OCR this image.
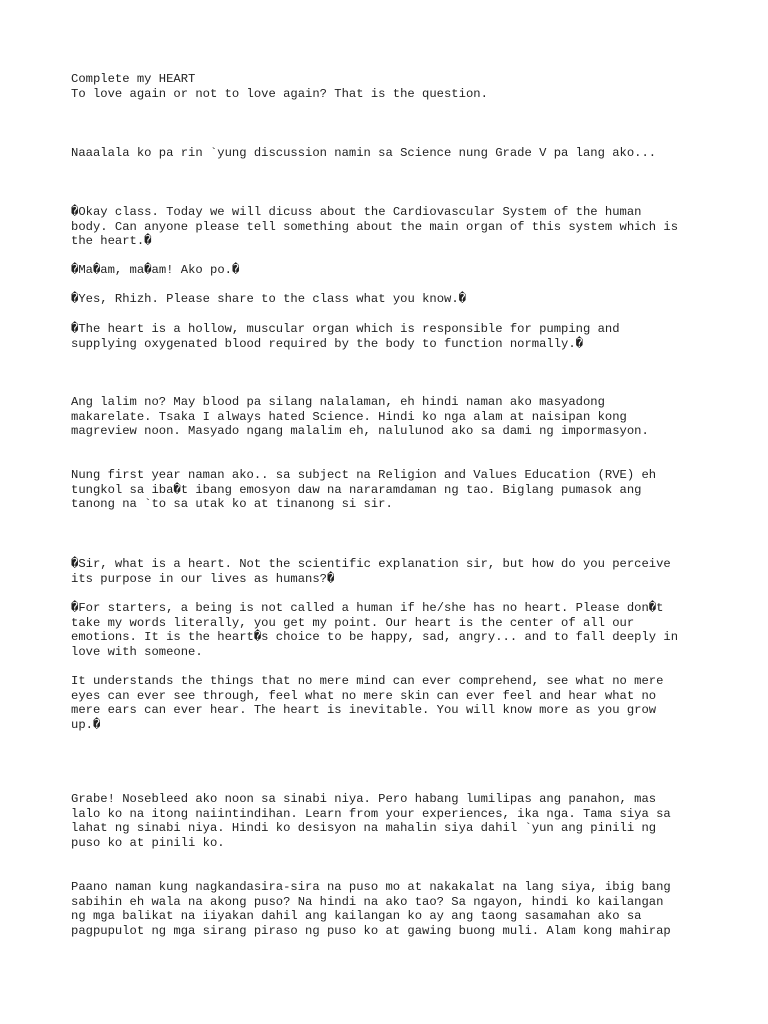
Complete my HEART

To love again or not to love again? That is the question.

Naaalala ko pa rin `yung discussion namin sa Science nung Grade V pa lang ako...

�Okay class. Today we will dicuss about the Cardiovascular System of the human
body. Can anyone please tell something about the main organ of this system which is
the heart.�

�Ma�am, ma�am! Ako po.�

�Yes, Rhizh. Please share to the class what you know.�

�The heart is a hollow, muscular organ which is responsible for pumping and
supplying oxygenated blood required by the body to function normally.�

Ang lalim no? May blood pa silang nalalaman, eh hindi naman ako masyadong
makarelate. Tsaka I always hated Science. Hindi ko nga alam at naisipan kong
magreview noon. Masyado ngang malalim eh, nalulunod ako sa dami ng impormasyon.

Nung first year naman ako.. sa subject na Religion and Values Education (RVE) eh
tungkol sa iba�t ibang emosyon daw na nararamdaman ng tao. Biglang pumasok ang
tanong na `to sa utak ko at tinanong si sir.

�Sir, what is a heart. Not the scientific explanation sir, but how do you perceive
its purpose in our lives as humans?�

�For starters, a being is not called a human if he/she has no heart. Please don�t
take my words literally, you get my point. Our heart is the center of all our
emotions. It is the heart�s choice to be happy, sad, angry... and to fall deeply in
love with someone.

It understands the things that no mere mind can ever comprehend, see what no mere
eyes can ever see through, feel what no mere skin can ever feel and hear what no
mere ears can ever hear. The heart is inevitable. You will know more as you grow
up.�

Grabe! Nosebleed ako noon sa sinabi niya. Pero habang lumilipas ang panahon, mas
lalo ko na itong naiintindihan. Learn from your experiences, ika nga. Tama siya sa
lahat ng sinabi niya. Hindi ko desisyon na mahalin siya dahil `yun ang pinili ng
puso ko at pinili ko.

Paano naman kung nagkandasira-sira na puso mo at nakakalat na lang siya, ibig bang
sabihin eh wala na akong puso? Na hindi na ako tao? Sa ngayon, hindi ko kailangan
ng mga balikat na iiyakan dahil ang kailangan ko ay ang taong sasamahan ako sa
pagpupulot ng mga sirang piraso ng puso ko at gawing buong muli. Alam kong mahirap
